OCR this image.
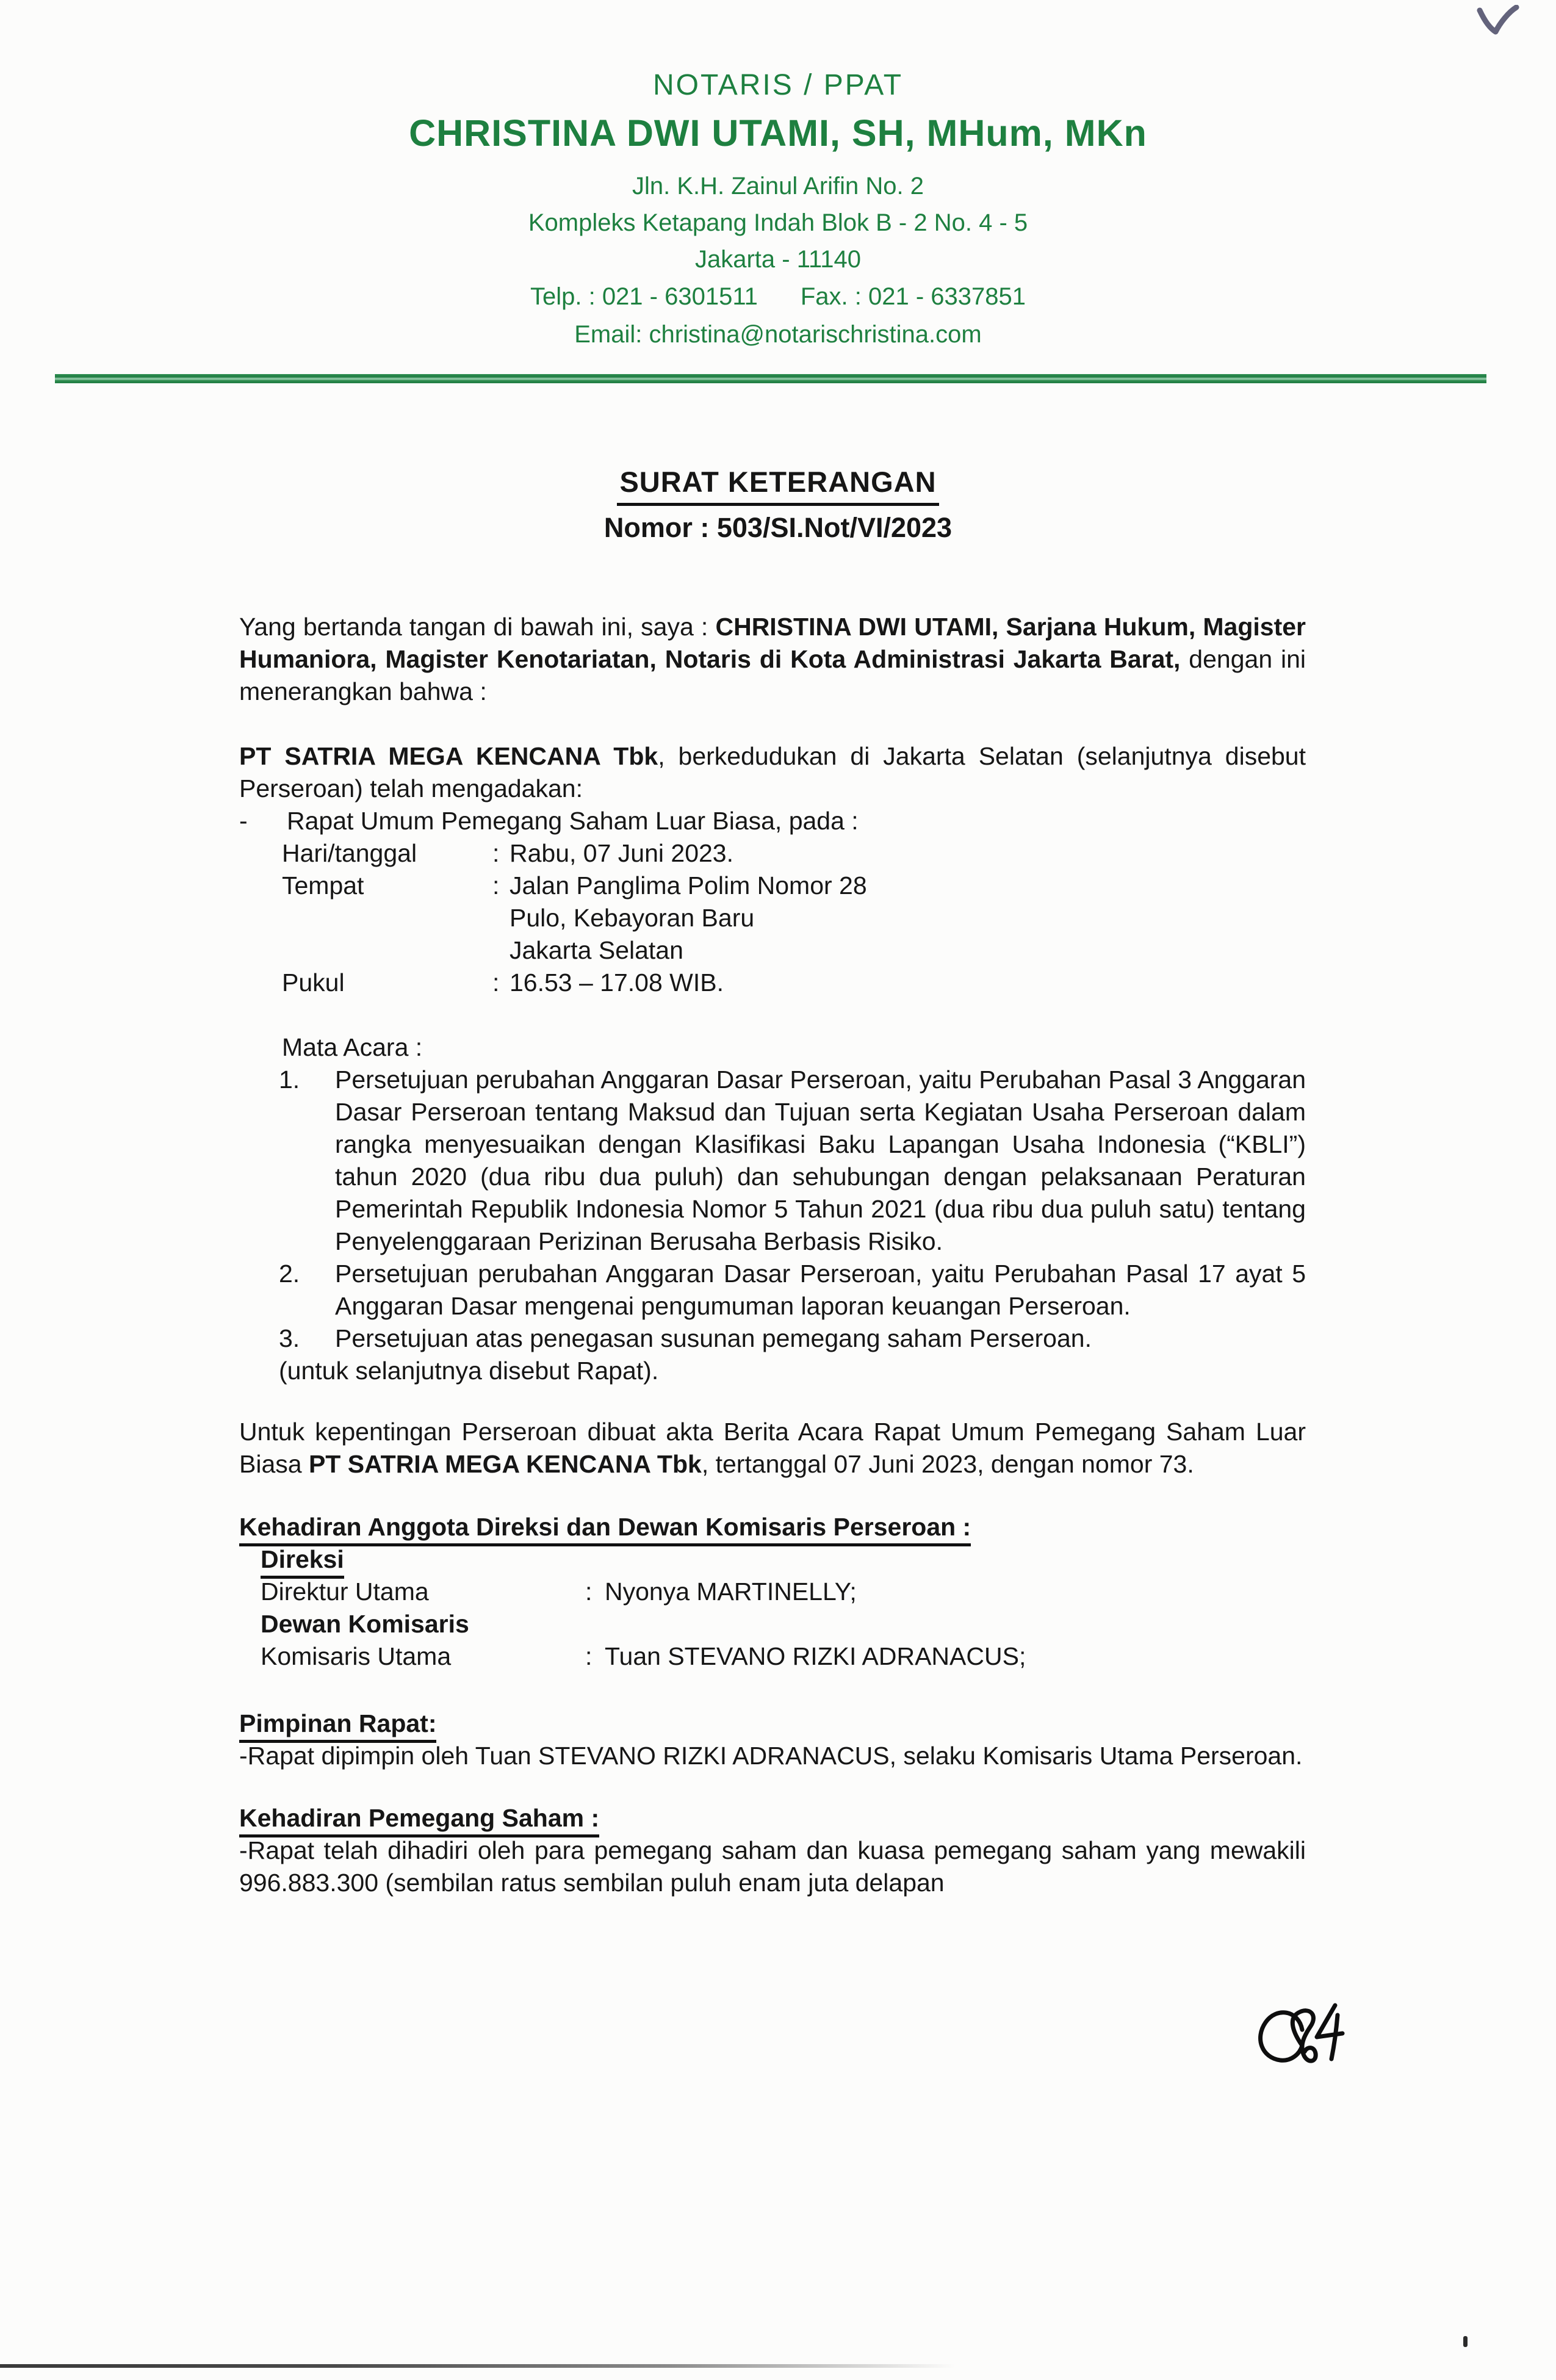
NOTARIS / PPAT
CHRISTINA DWI UTAMI, SH, MHum, MKn
Jln. K.H. Zainul Arifin No. 2
Kompleks Ketapang Indah Blok B - 2 No. 4 - 5
Jakarta - 11140
Telp. : 021 - 6301511 Fax. : 021 - 6337851
Email: christina@notarischristina.com
SURAT KETERANGAN
Nomor : 503/SI.Not/VI/2023

Yang bertanda tangan di bawah ini, saya : CHRISTINA DWI UTAMI, Sarjana Hukum, Magister Humaniora, Magister Kenotariatan, Notaris di Kota Administrasi Jakarta Barat, dengan ini menerangkan bahwa :

PT SATRIA MEGA KENCANA Tbk, berkedudukan di Jakarta Selatan (selanjutnya disebut Perseroan) telah mengadakan:

-	Rapat Umum Pemegang Saham Luar Biasa, pada :
Hari/tanggal	: Rabu, 07 Juni 2023.
Tempat	: Jalan Panglima Polim Nomor 28
Pulo, Kebayoran Baru
Jakarta Selatan
Pukul	: 16.53 – 17.08 WIB.
Mata Acara :
1.	Persetujuan perubahan Anggaran Dasar Perseroan, yaitu Perubahan Pasal 3 Anggaran Dasar Perseroan tentang Maksud dan Tujuan serta Kegiatan Usaha Perseroan dalam rangka menyesuaikan dengan Klasifikasi Baku Lapangan Usaha Indonesia (“KBLI”) tahun 2020 (dua ribu dua puluh) dan sehubungan dengan pelaksanaan Peraturan Pemerintah Republik Indonesia Nomor 5 Tahun 2021 (dua ribu dua puluh satu) tentang Penyelenggaraan Perizinan Berusaha Berbasis Risiko.
2.	Persetujuan perubahan Anggaran Dasar Perseroan, yaitu Perubahan Pasal 17 ayat 5 Anggaran Dasar mengenai pengumuman laporan keuangan Perseroan.
3.	Persetujuan atas penegasan susunan pemegang saham Perseroan.
(untuk selanjutnya disebut Rapat).

Untuk kepentingan Perseroan dibuat akta Berita Acara Rapat Umum Pemegang Saham Luar Biasa PT SATRIA MEGA KENCANA Tbk, tertanggal 07 Juni 2023, dengan nomor 73.

Kehadiran Anggota Direksi dan Dewan Komisaris Perseroan :
Direksi
Direktur Utama	: Nyonya MARTINELLY;
Dewan Komisaris
Komisaris Utama	: Tuan STEVANO RIZKI ADRANACUS;
Pimpinan Rapat:
-Rapat dipimpin oleh Tuan STEVANO RIZKI ADRANACUS, selaku Komisaris Utama Perseroan.
Kehadiran Pemegang Saham :
-Rapat telah dihadiri oleh para pemegang saham dan kuasa pemegang saham yang mewakili 996.883.300 (sembilan ratus sembilan puluh enam juta delapan
